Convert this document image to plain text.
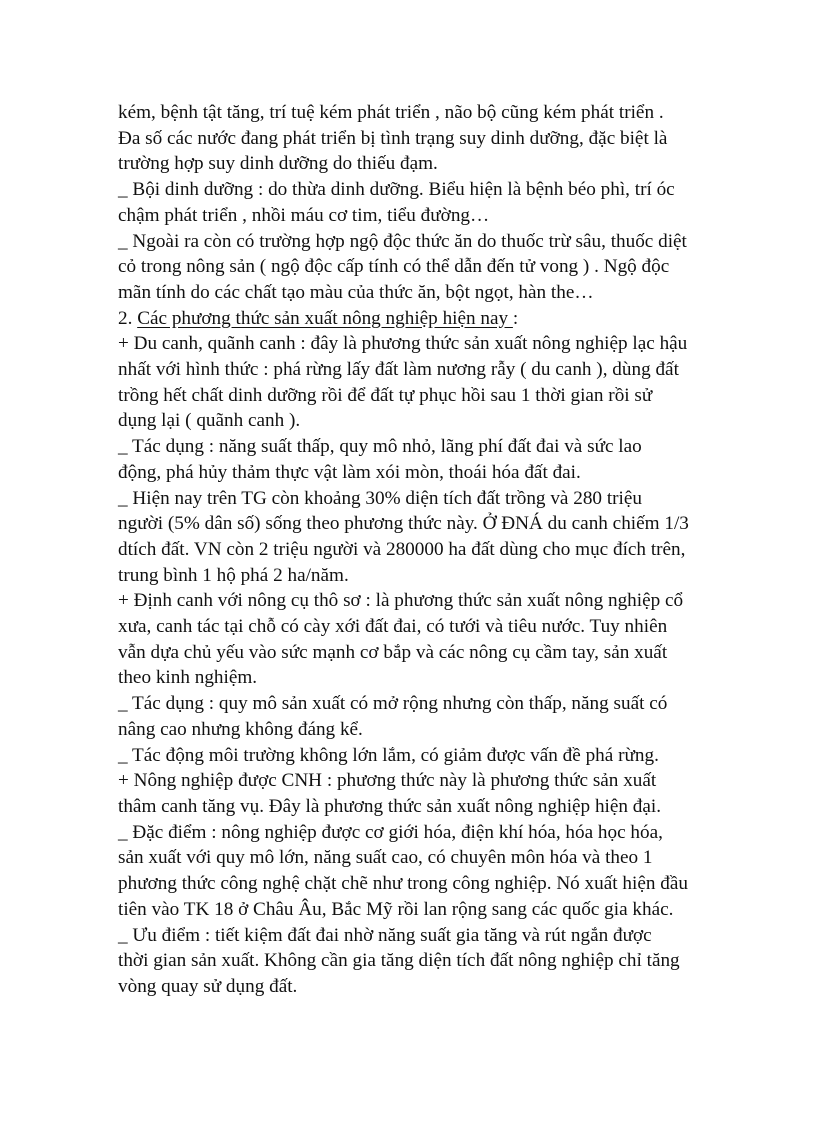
kém, bệnh tật tăng, trí tuệ kém phát triển , não bộ cũng kém phát triển .
Đa số các nước đang phát triển bị tình trạng suy dinh dưỡng, đặc biệt là
trường hợp suy dinh dưỡng do thiếu đạm.
_ Bội dinh dưỡng : do thừa dinh dưỡng. Biểu hiện là bệnh béo phì, trí óc
chậm phát triển , nhồi máu cơ tim, tiểu đường…
_ Ngoài ra còn có trường hợp ngộ độc thức ăn do thuốc trừ sâu, thuốc diệt
cỏ trong nông sản ( ngộ độc cấp tính có thể dẫn đến tử vong ) . Ngộ độc
mãn tính do các chất tạo màu của thức ăn, bột ngọt, hàn the…
2. Các phương thức sản xuất nông nghiệp hiện nay :
+ Du canh, quãnh canh : đây là phương thức sản xuất nông nghiệp lạc hậu
nhất với hình thức : phá rừng lấy đất làm nương rẫy ( du canh ), dùng đất
trồng hết chất dinh dưỡng rồi để đất tự phục hồi sau 1 thời gian rồi sử
dụng lại ( quãnh canh ).
_ Tác dụng : năng suất thấp, quy mô nhỏ, lãng phí đất đai và sức lao
động, phá hủy thảm thực vật làm xói mòn, thoái hóa đất đai.
_ Hiện nay trên TG còn khoảng 30% diện tích đất trồng và 280 triệu
người (5% dân số) sống theo phương thức này. Ở ĐNÁ du canh chiếm 1/3
dtích đất. VN còn 2 triệu người và 280000 ha đất dùng cho mục đích trên,
trung bình 1 hộ phá 2 ha/năm.
+ Định canh với nông cụ thô sơ : là phương thức sản xuất nông nghiệp cổ
xưa, canh tác tại chỗ có cày xới đất đai, có tưới và tiêu nước. Tuy nhiên
vẫn dựa chủ yếu vào sức mạnh cơ bắp và các nông cụ cầm tay, sản xuất
theo kinh nghiệm.
_ Tác dụng : quy mô sản xuất có mở rộng nhưng còn thấp, năng suất có
nâng cao nhưng không đáng kể.
_ Tác động môi trường không lớn lắm, có giảm được vấn đề phá rừng.
+ Nông nghiệp được CNH : phương thức này là phương thức sản xuất
thâm canh tăng vụ. Đây là phương thức sản xuất nông nghiệp hiện đại.
_ Đặc điểm : nông nghiệp được cơ giới hóa, điện khí hóa, hóa học hóa,
sản xuất với quy mô lớn, năng suất cao, có chuyên môn hóa và theo 1
phương thức công nghệ chặt chẽ như trong công nghiệp. Nó xuất hiện đầu
tiên vào TK 18 ở Châu Âu, Bắc Mỹ rồi lan rộng sang các quốc gia khác.
_ Ưu điểm : tiết kiệm đất đai nhờ năng suất gia tăng và rút ngắn được
thời gian sản xuất. Không cần gia tăng diện tích đất nông nghiệp chỉ tăng
vòng quay sử dụng đất.
